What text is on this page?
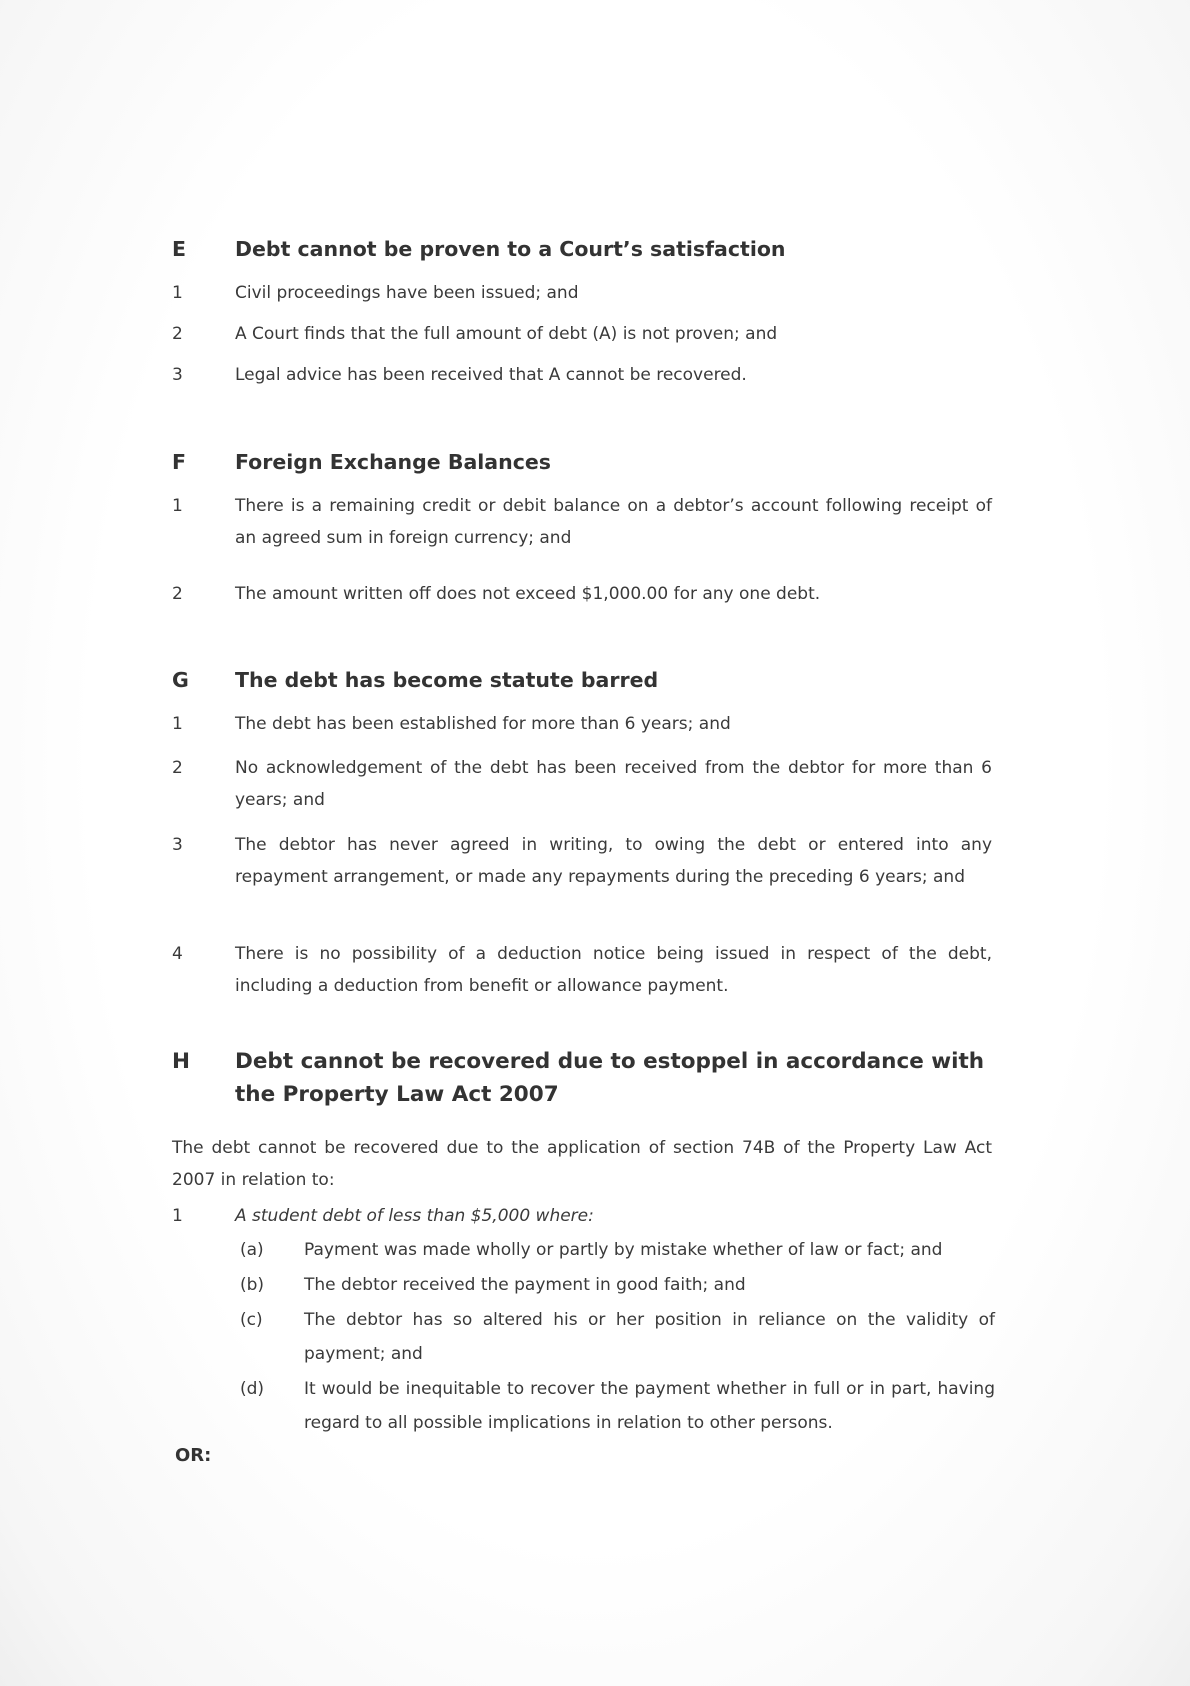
E	Debt cannot be proven to a Court’s satisfaction
1	Civil proceedings have been issued; and
2	A Court finds that the full amount of debt (A) is not proven; and
3	Legal advice has been received that A cannot be recovered.
F	Foreign Exchange Balances
1	There is a remaining credit or debit balance on a debtor’s account following receipt of an agreed sum in foreign currency; and
2	The amount written off does not exceed $1,000.00 for any one debt.
G	The debt has become statute barred
1	The debt has been established for more than 6 years; and
2	No acknowledgement of the debt has been received from the debtor for more than 6 years; and
3	The debtor has never agreed in writing, to owing the debt or entered into any repayment arrangement, or made any repayments during the preceding 6 years; and
4	There is no possibility of a deduction notice being issued in respect of the debt, including a deduction from benefit or allowance payment.
H	Debt cannot be recovered due to estoppel in accordance with the Property Law Act 2007
The debt cannot be recovered due to the application of section 74B of the Property Law Act 2007 in relation to:
1	A student debt of less than $5,000 where:
(a)	Payment was made wholly or partly by mistake whether of law or fact; and
(b)	The debtor received the payment in good faith; and
(c)	The debtor has so altered his or her position in reliance on the validity of payment; and
(d)	It would be inequitable to recover the payment whether in full or in part, having regard to all possible implications in relation to other persons.
OR:
